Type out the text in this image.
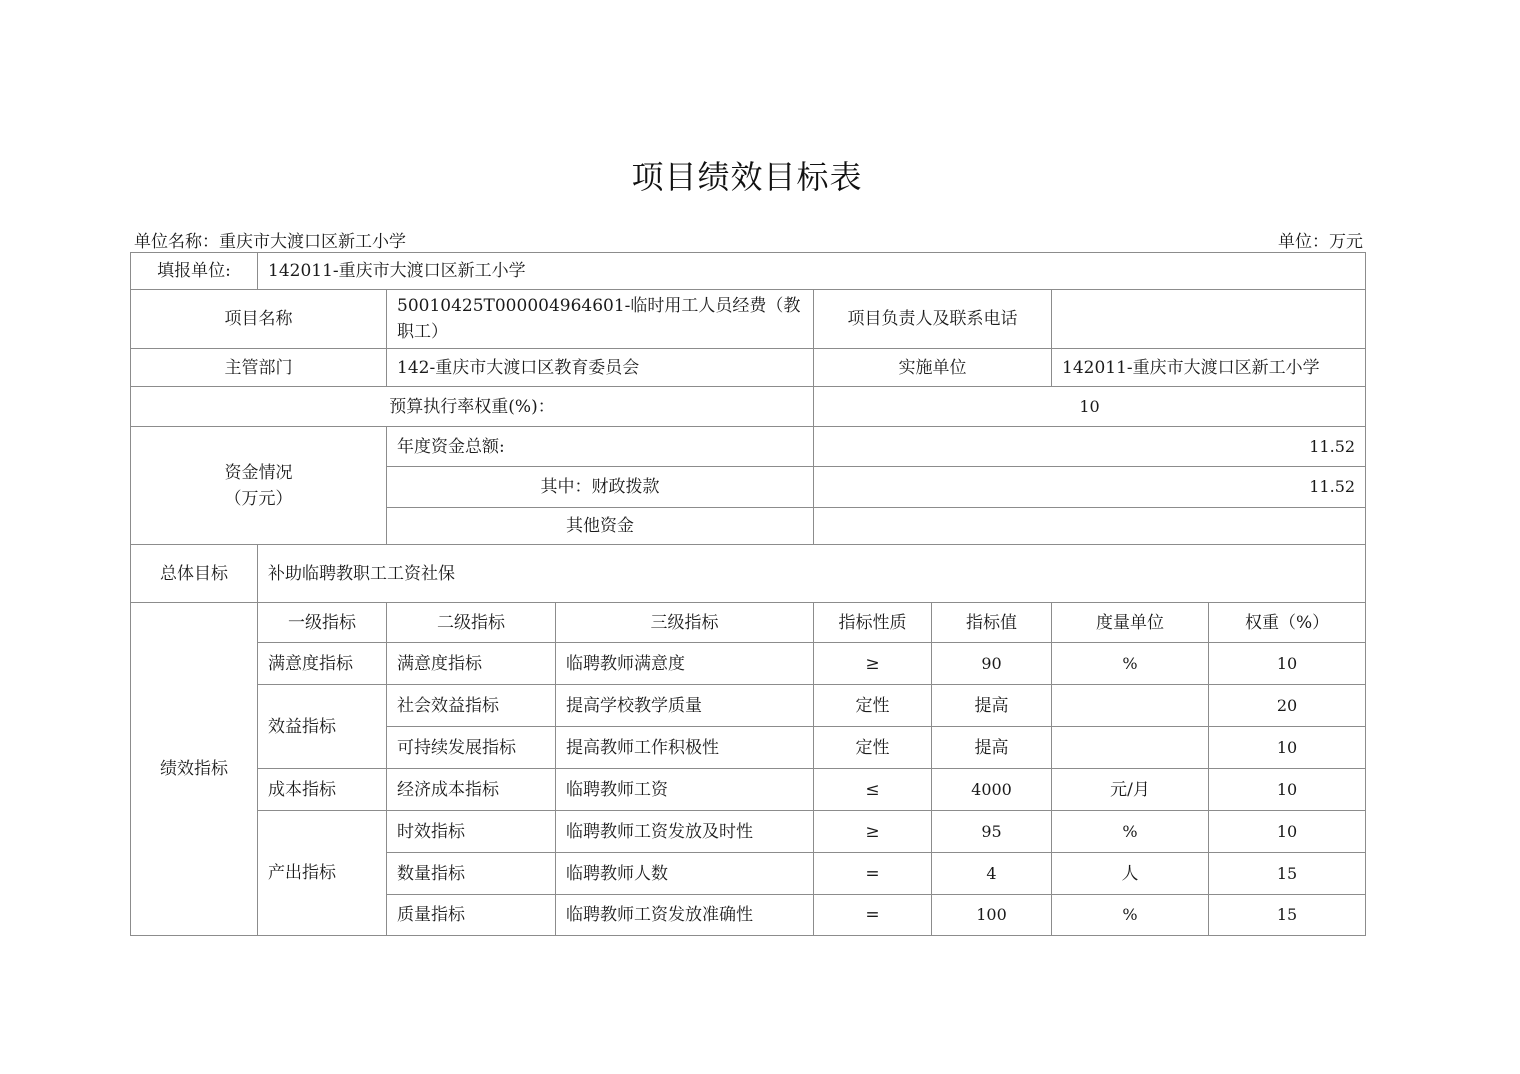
项目绩效目标表
单位名称：重庆市大渡口区新工小学	单位：万元
填报单位:	142011-重庆市大渡口区新工小学						
项目名称		50010425T000004964601-临时用工人员经费（教职工）		项目负责人及联系电话			
主管部门		142-重庆市大渡口区教育委员会		实施单位		142011-重庆市大渡口区新工小学	
预算执行率权重(%)：				10			

资金情况
（万元）		年度资金总额:		11.52			
		其中：财政拨款		11.52			
		其他资金					
总体目标	补助临聘教职工工资社保						
绩效指标	一级指标	二级指标	三级指标	指标性质	指标值	度量单位	权重（%）
	满意度指标	满意度指标	临聘教师满意度	≥	90	%	10
	效益指标	社会效益指标	提高学校教学质量	定性	提高		20
		可持续发展指标	提高教师工作积极性	定性	提高		10
	成本指标	经济成本指标	临聘教师工资	≤	4000	元/月	10
	产出指标	时效指标	临聘教师工资发放及时性	≥	95	%	10
		数量指标	临聘教师人数	=	4	人	15
		质量指标	临聘教师工资发放准确性	=	100	%	15
